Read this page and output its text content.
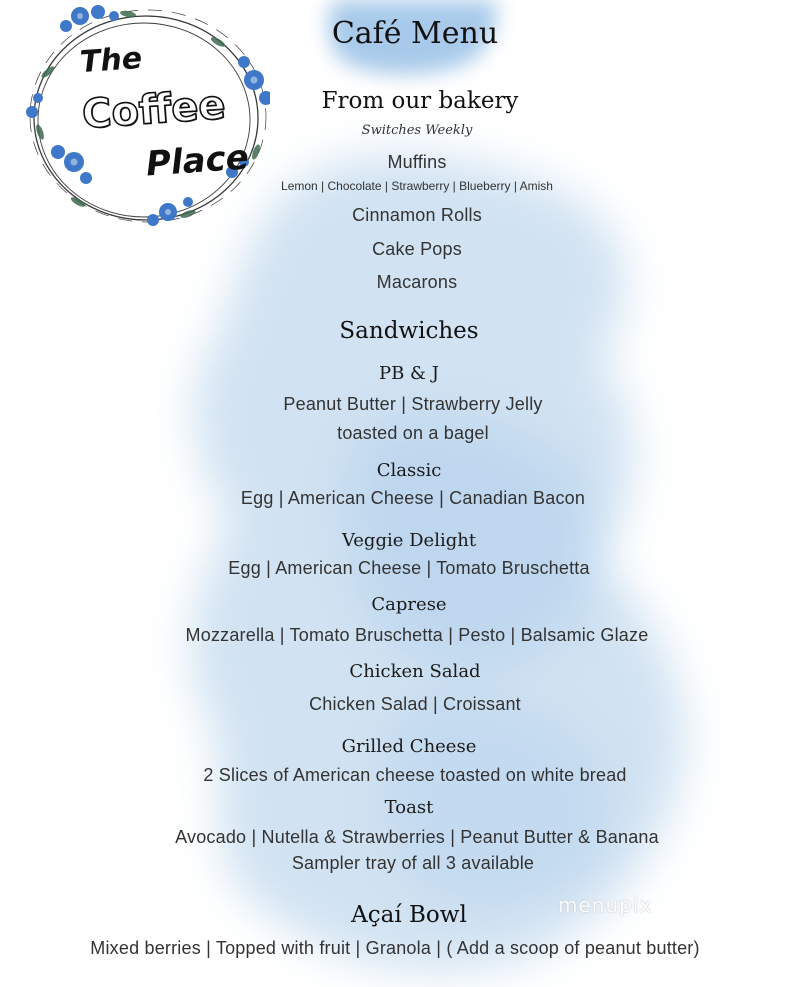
The
Coffee
Place
Café Menu
From our bakery
Switches Weekly
Muffins
Lemon | Chocolate | Strawberry | Blueberry | Amish
Cinnamon Rolls
Cake Pops
Macarons
Sandwiches
PB & J
Peanut Butter | Strawberry Jelly
toasted on a bagel
Classic
Egg | American Cheese | Canadian Bacon
Veggie Delight
Egg | American Cheese | Tomato Bruschetta
Caprese
Mozzarella | Tomato Bruschetta | Pesto | Balsamic Glaze
Chicken Salad
Chicken Salad | Croissant
Grilled Cheese
2 Slices of American cheese toasted on white bread
Toast
Avocado | Nutella & Strawberries | Peanut Butter & Banana
Sampler tray of all 3 available
Açaí Bowl
Mixed berries | Topped with fruit | Granola | ( Add a scoop of peanut butter)
menupix
